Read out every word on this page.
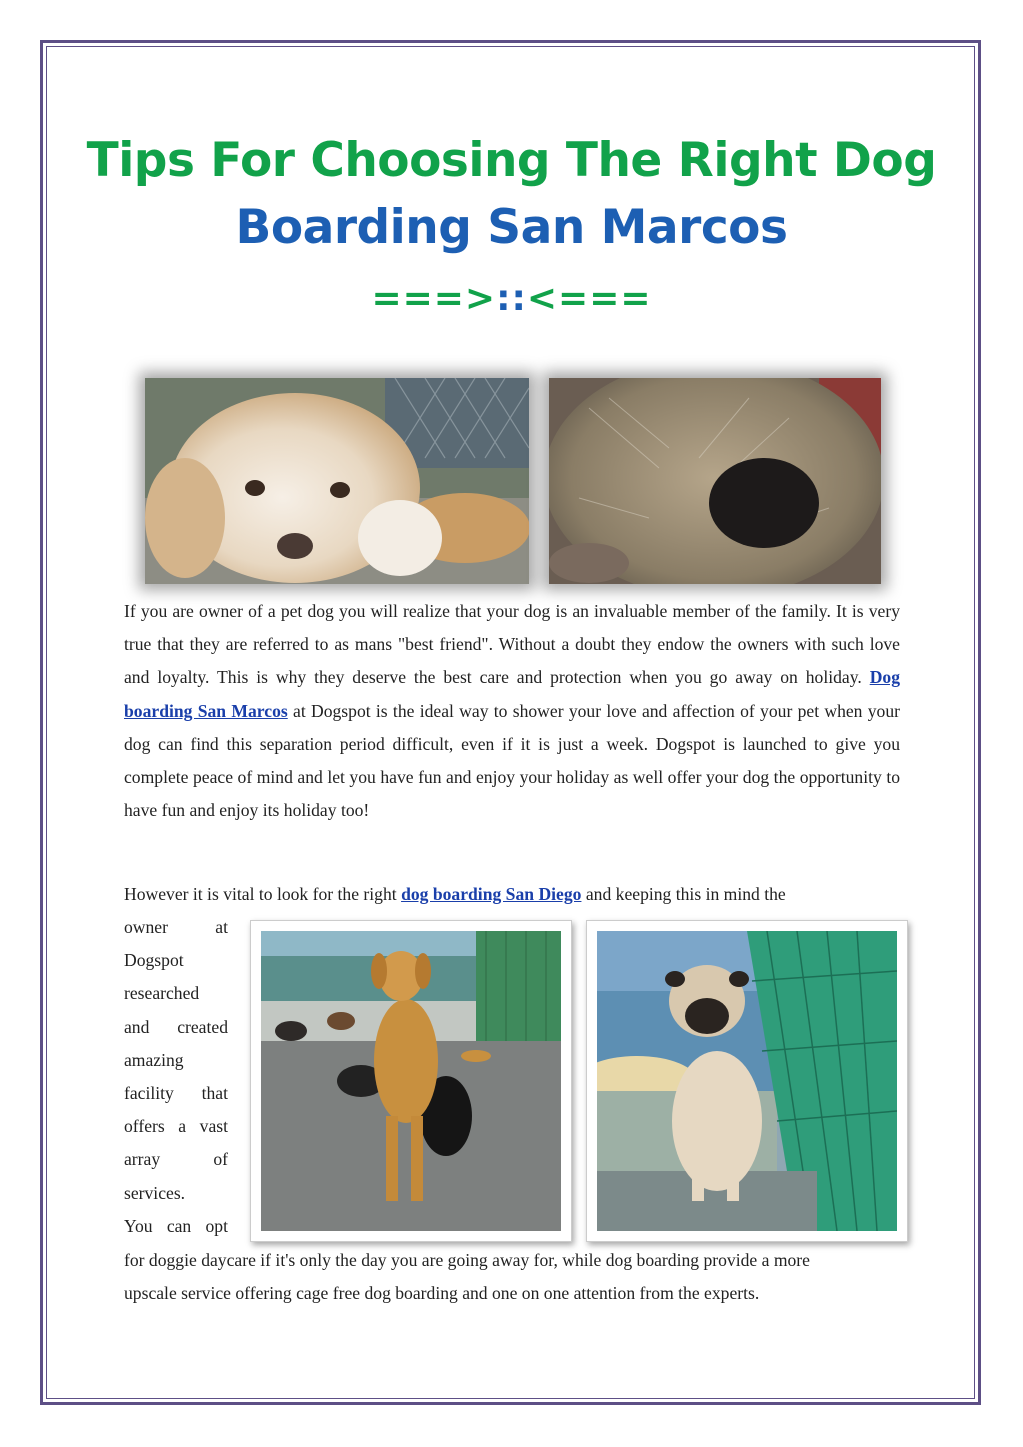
Tips For Choosing The Right Dog
Boarding San Marcos
===>::<===

If you are owner of a pet dog you will realize that your dog is an invaluable member of the family. It is very true that they are referred to as mans "best friend". Without a doubt they endow the owners with such love and loyalty. This is why they deserve the best care and protection when you go away on holiday. Dog boarding San Marcos at Dogspot is the ideal way to shower your love and affection of your pet when your dog can find this separation period difficult, even if it is just a week. Dogspot is launched to give you complete peace of mind and let you have fun and enjoy your holiday as well offer your dog the opportunity to have fun and enjoy its holiday too!

However it is vital to look for the right dog boarding San Diego and keeping this in mind the

owner at
Dogspot
researched
and created
amazing
facility that
offers a vast
array of
services.
You can opt

for doggie daycare if it's only the day you are going away for, while dog boarding provide a more

upscale service offering cage free dog boarding and one on one attention from the experts.
